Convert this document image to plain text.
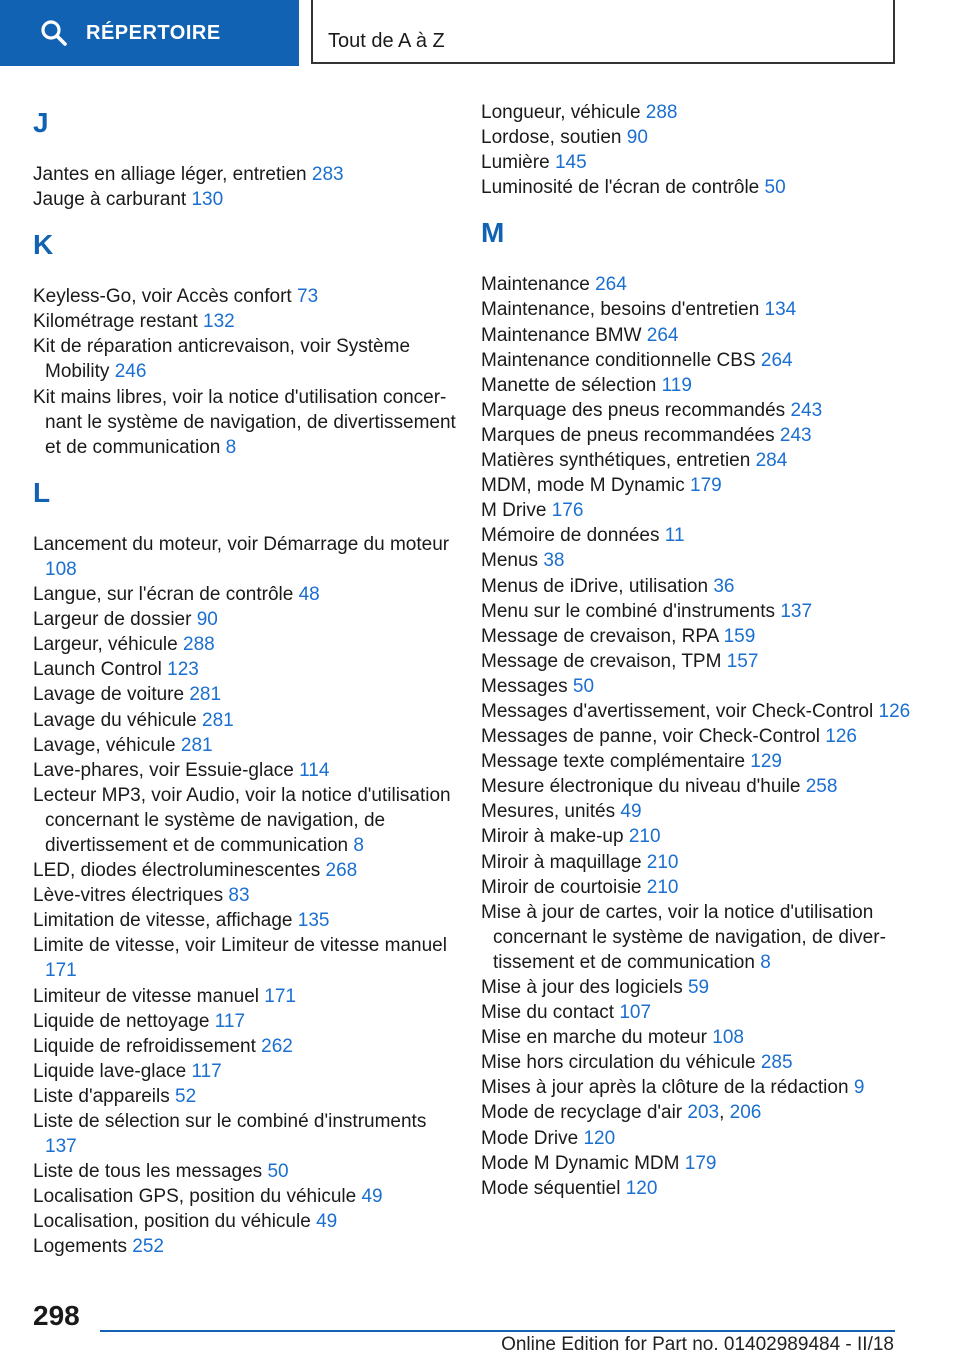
RÉPERTOIRE	Tout de A à Z
J

Jantes en alliage léger, entretien 283

Jauge à carburant 130

K

Keyless-Go, voir Accès confort 73

Kilométrage restant 132

Kit de réparation anticrevaison, voir Système Mobility 246

Kit mains libres, voir la notice d'utilisation concernant le système de navigation, de divertissement et de communication 8

L

Lancement du moteur, voir Démarrage du moteur 108

Langue, sur l'écran de contrôle 48

Largeur de dossier 90

Largeur, véhicule 288

Launch Control 123

Lavage de voiture 281

Lavage du véhicule 281

Lavage, véhicule 281

Lave-phares, voir Essuie-glace 114

Lecteur MP3, voir Audio, voir la notice d'utilisation concernant le système de navigation, de divertissement et de communication 8

LED, diodes électroluminescentes 268

Lève-vitres électriques 83

Limitation de vitesse, affichage 135

Limite de vitesse, voir Limiteur de vitesse manuel 171

Limiteur de vitesse manuel 171

Liquide de nettoyage 117

Liquide de refroidissement 262

Liquide lave-glace 117

Liste d'appareils 52

Liste de sélection sur le combiné d'instruments 137

Liste de tous les messages 50

Localisation GPS, position du véhicule 49

Localisation, position du véhicule 49

Logements 252

Longueur, véhicule 288

Lordose, soutien 90

Lumière 145

Luminosité de l'écran de contrôle 50

M

Maintenance 264

Maintenance, besoins d'entretien 134

Maintenance BMW 264

Maintenance conditionnelle CBS 264

Manette de sélection 119

Marquage des pneus recommandés 243

Marques de pneus recommandées 243

Matières synthétiques, entretien 284

MDM, mode M Dynamic 179

M Drive 176

Mémoire de données 11

Menus 38

Menus de iDrive, utilisation 36

Menu sur le combiné d'instruments 137

Message de crevaison, RPA 159

Message de crevaison, TPM 157

Messages 50

Messages d'avertissement, voir Check-Control 126

Messages de panne, voir Check-Control 126

Message texte complémentaire 129

Mesure électronique du niveau d'huile 258

Mesures, unités 49

Miroir à make-up 210

Miroir à maquillage 210

Miroir de courtoisie 210

Mise à jour de cartes, voir la notice d'utilisation concernant le système de navigation, de divertissement et de communication 8

Mise à jour des logiciels 59

Mise du contact 107

Mise en marche du moteur 108

Mise hors circulation du véhicule 285

Mises à jour après la clôture de la rédaction 9

Mode de recyclage d'air 203, 206

Mode Drive 120

Mode M Dynamic MDM 179

Mode séquentiel 120

298
Online Edition for Part no. 01402989484 - II/18
